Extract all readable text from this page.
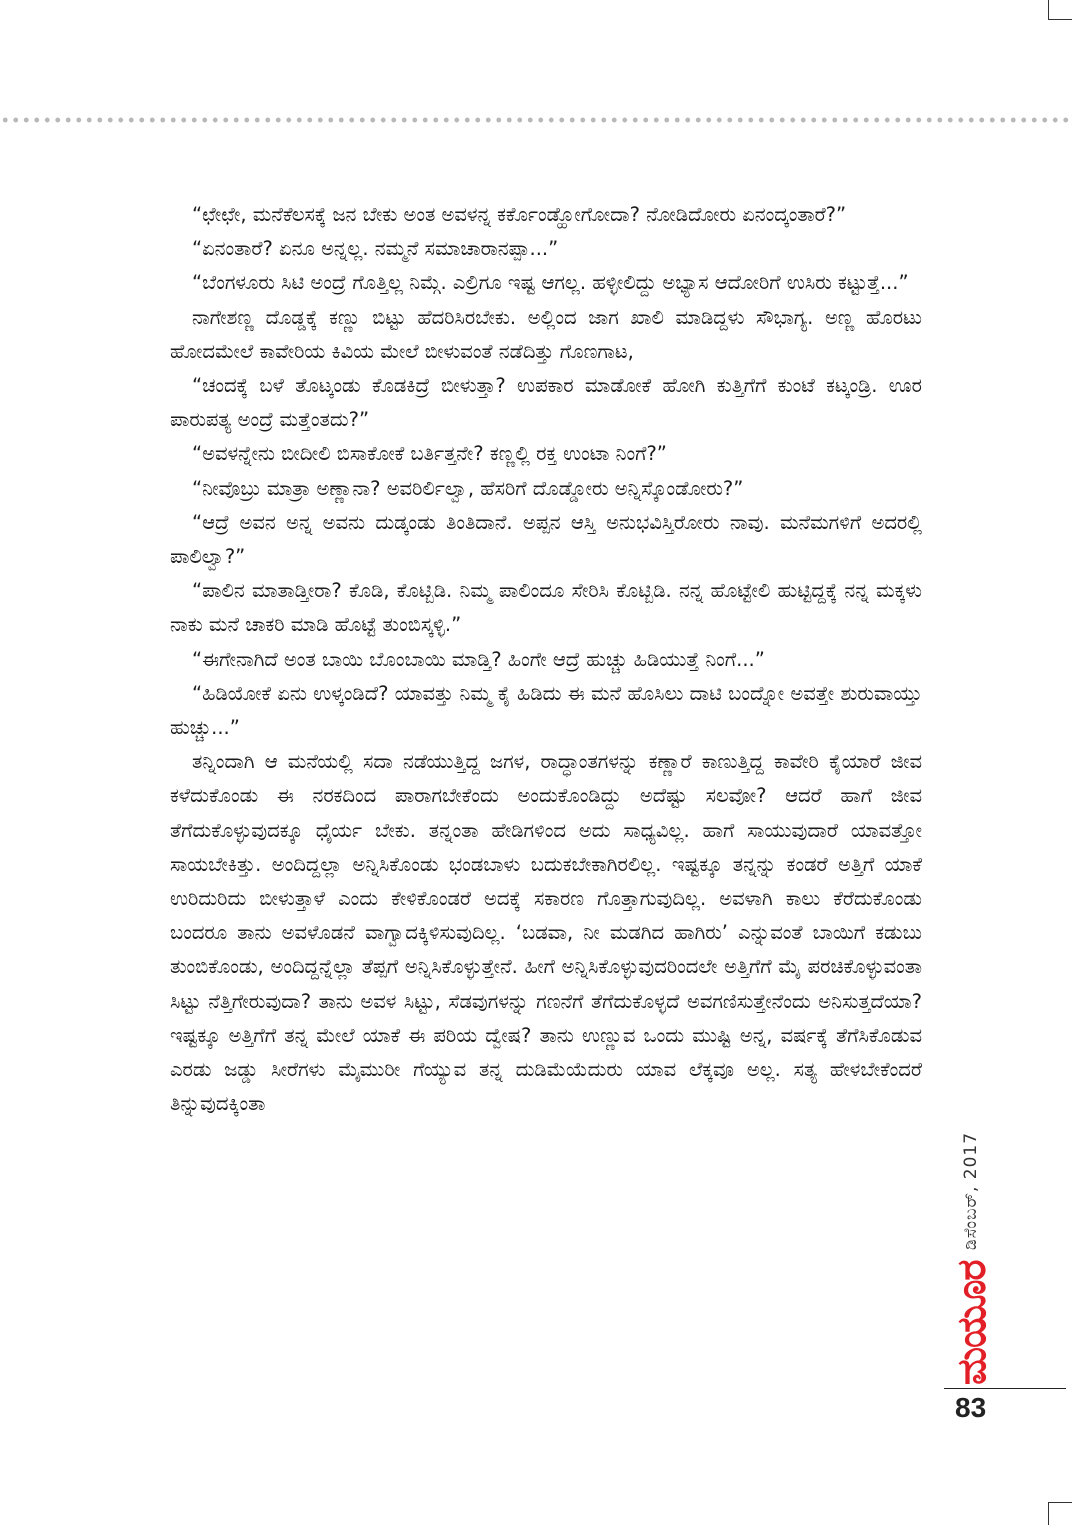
“ಛೇಛೇ, ಮನೆಕೆಲಸಕ್ಕೆ ಜನ ಬೇಕು ಅಂತ ಅವಳನ್ನ ಕರ್ಕೊಂಡ್ಹೋಗೋದಾ? ನೋಡಿದೋರು ಏನಂದ್ಕಂತಾರೆ?”

“ಏನಂತಾರೆ? ಏನೂ ಅನ್ನಲ್ಲ. ನಮ್ಮನೆ ಸಮಾಚಾರಾನಪ್ಪಾ...”

“ಬೆಂಗಳೂರು ಸಿಟಿ ಅಂದ್ರೆ ಗೊತ್ತಿಲ್ಲ ನಿಮ್ಗೆ. ಎಲ್ರಿಗೂ ಇಷ್ಟ ಆಗಲ್ಲ. ಹಳ್ಳೀಲಿದ್ದು ಅಭ್ಯಾಸ ಆದೋರಿಗೆ ಉಸಿರು ಕಟ್ಟುತ್ತೆ...”

ನಾಗೇಶಣ್ಣ ದೊಡ್ಡಕ್ಕೆ ಕಣ್ಣು ಬಿಟ್ಟು ಹೆದರಿಸಿರಬೇಕು. ಅಲ್ಲಿಂದ ಜಾಗ ಖಾಲಿ ಮಾಡಿದ್ದಳು ಸೌಭಾಗ್ಯ. ಅಣ್ಣ ಹೊರಟು ಹೋದಮೇಲೆ ಕಾವೇರಿಯ ಕಿವಿಯ ಮೇಲೆ ಬೀಳುವಂತೆ ನಡೆದಿತ್ತು ಗೊಣಗಾಟ,

“ಚಂದಕ್ಕೆ ಬಳೆ ತೊಟ್ಕಂಡು ಕೊಡಕಿದ್ರೆ ಬೀಳುತ್ತಾ? ಉಪಕಾರ ಮಾಡೋಕೆ ಹೋಗಿ ಕುತ್ತಿಗೆಗೆ ಕುಂಟೆ ಕಟ್ಕಂಡ್ರಿ. ಊರ ಪಾರುಪತ್ಯ ಅಂದ್ರೆ ಮತ್ತೆಂತದು?”

“ಅವಳನ್ನೇನು ಬೀದೀಲಿ ಬಿಸಾಕೋಕೆ ಬರ್ತಿತ್ತನೇ? ಕಣ್ಣಲ್ಲಿ ರಕ್ತ ಉಂಟಾ ನಿಂಗೆ?”

“ನೀವೊಬ್ರು ಮಾತ್ರಾ ಅಣ್ಣಾನಾ? ಅವರಿರ್ಲಿಲ್ವಾ, ಹೆಸರಿಗೆ ದೊಡ್ಡೋರು ಅನ್ನಿಸ್ಕೊಂಡೋರು?”

“ಆದ್ರೆ ಅವನ ಅನ್ನ ಅವನು ದುಡ್ಕಂಡು ತಿಂತಿದಾನೆ. ಅಪ್ಪನ ಆಸ್ತಿ ಅನುಭವಿಸ್ತಿರೋರು ನಾವು. ಮನೆಮಗಳಿಗೆ ಅದರಲ್ಲಿ ಪಾಲಿಲ್ವಾ?”

“ಪಾಲಿನ ಮಾತಾಡ್ತೀರಾ? ಕೊಡಿ, ಕೊಟ್ಬಿಡಿ. ನಿಮ್ಮ ಪಾಲಿಂದೂ ಸೇರಿಸಿ ಕೊಟ್ಬಿಡಿ. ನನ್ನ ಹೊಟ್ಟೇಲಿ ಹುಟ್ಟಿದ್ದಕ್ಕೆ ನನ್ನ ಮಕ್ಕಳು ನಾಕು ಮನೆ ಚಾಕರಿ ಮಾಡಿ ಹೊಟ್ಟೆ ತುಂಬಿಸ್ಕಳ್ಳಿ.”

“ಈಗೇನಾಗಿದೆ ಅಂತ ಬಾಯಿ ಬೊಂಬಾಯಿ ಮಾಡ್ತಿ? ಹಿಂಗೇ ಆದ್ರೆ ಹುಚ್ಚು ಹಿಡಿಯುತ್ತೆ ನಿಂಗೆ...”

“ಹಿಡಿಯೋಕೆ ಏನು ಉಳ್ಕಂಡಿದೆ? ಯಾವತ್ತು ನಿಮ್ಮ ಕೈ ಹಿಡಿದು ಈ ಮನೆ ಹೊಸಿಲು ದಾಟಿ ಬಂದ್ನೋ ಅವತ್ತೇ ಶುರುವಾಯ್ತು ಹುಚ್ಚು...”

ತನ್ನಿಂದಾಗಿ ಆ ಮನೆಯಲ್ಲಿ ಸದಾ ನಡೆಯುತ್ತಿದ್ದ ಜಗಳ, ರಾದ್ಧಾಂತಗಳನ್ನು ಕಣ್ಣಾರೆ ಕಾಣುತ್ತಿದ್ದ ಕಾವೇರಿ ಕೈಯಾರೆ ಜೀವ ಕಳೆದುಕೊಂಡು ಈ ನರಕದಿಂದ ಪಾರಾಗಬೇಕೆಂದು ಅಂದುಕೊಂಡಿದ್ದು ಅದೆಷ್ಟು ಸಲವೋ? ಆದರೆ ಹಾಗೆ ಜೀವ ತೆಗೆದುಕೊಳ್ಳುವುದಕ್ಕೂ ಧೈರ್ಯ ಬೇಕು. ತನ್ನಂತಾ ಹೇಡಿಗಳಿಂದ ಅದು ಸಾಧ್ಯವಿಲ್ಲ. ಹಾಗೆ ಸಾಯುವುದಾರೆ ಯಾವತ್ತೋ ಸಾಯಬೇಕಿತ್ತು. ಅಂದಿದ್ದಲ್ಲಾ ಅನ್ನಿಸಿಕೊಂಡು ಭಂಡಬಾಳು ಬದುಕಬೇಕಾಗಿರಲಿಲ್ಲ. ಇಷ್ಟಕ್ಕೂ ತನ್ನನ್ನು ಕಂಡರೆ ಅತ್ತಿಗೆ ಯಾಕೆ ಉರಿದುರಿದು ಬೀಳುತ್ತಾಳೆ ಎಂದು ಕೇಳಿಕೊಂಡರೆ ಅದಕ್ಕೆ ಸಕಾರಣ ಗೊತ್ತಾಗುವುದಿಲ್ಲ. ಅವಳಾಗಿ ಕಾಲು ಕೆರೆದುಕೊಂಡು ಬಂದರೂ ತಾನು ಅವಳೊಡನೆ ವಾಗ್ವಾದಕ್ಕಿಳಿಸುವುದಿಲ್ಲ. ‘ಬಡವಾ, ನೀ ಮಡಗಿದ ಹಾಗಿರು’ ಎನ್ನುವಂತೆ ಬಾಯಿಗೆ ಕಡುಬು ತುಂಬಿಕೊಂಡು, ಅಂದಿದ್ದನ್ನೆಲ್ಲಾ ತೆಪ್ಪಗೆ ಅನ್ನಿಸಿಕೊಳ್ಳುತ್ತೇನೆ. ಹೀಗೆ ಅನ್ನಿಸಿಕೊಳ್ಳುವುದರಿಂದಲೇ ಅತ್ತಿಗೆಗೆ ಮೈ ಪರಚಿಕೊಳ್ಳುವಂತಾ ಸಿಟ್ಟು ನೆತ್ತಿಗೇರುವುದಾ? ತಾನು ಅವಳ ಸಿಟ್ಟು, ಸೆಡವುಗಳನ್ನು ಗಣನೆಗೆ ತೆಗೆದುಕೊಳ್ಳದೆ ಅವಗಣಿಸುತ್ತೇನೆಂದು ಅನಿಸುತ್ತದೆಯಾ? ಇಷ್ಟಕ್ಕೂ ಅತ್ತಿಗೆಗೆ ತನ್ನ ಮೇಲೆ ಯಾಕೆ ಈ ಪರಿಯ ದ್ವೇಷ? ತಾನು ಉಣ್ಣುವ ಒಂದು ಮುಷ್ಟಿ ಅನ್ನ, ವರ್ಷಕ್ಕೆ ತೆಗೆಸಿಕೊಡುವ ಎರಡು ಜಡ್ಡು ಸೀರೆಗಳು ಮೈಮುರೀ ಗೆಯ್ಯುವ ತನ್ನ ದುಡಿಮೆಯೆದುರು ಯಾವ ಲೆಕ್ಕವೂ ಅಲ್ಲ. ಸತ್ಯ ಹೇಳಬೇಕೆಂದರೆ ತಿನ್ನುವುದಕ್ಕಿಂತಾ

ಡಿಸೆಂಬರ್, 2017
ಮಯೂರ
83
